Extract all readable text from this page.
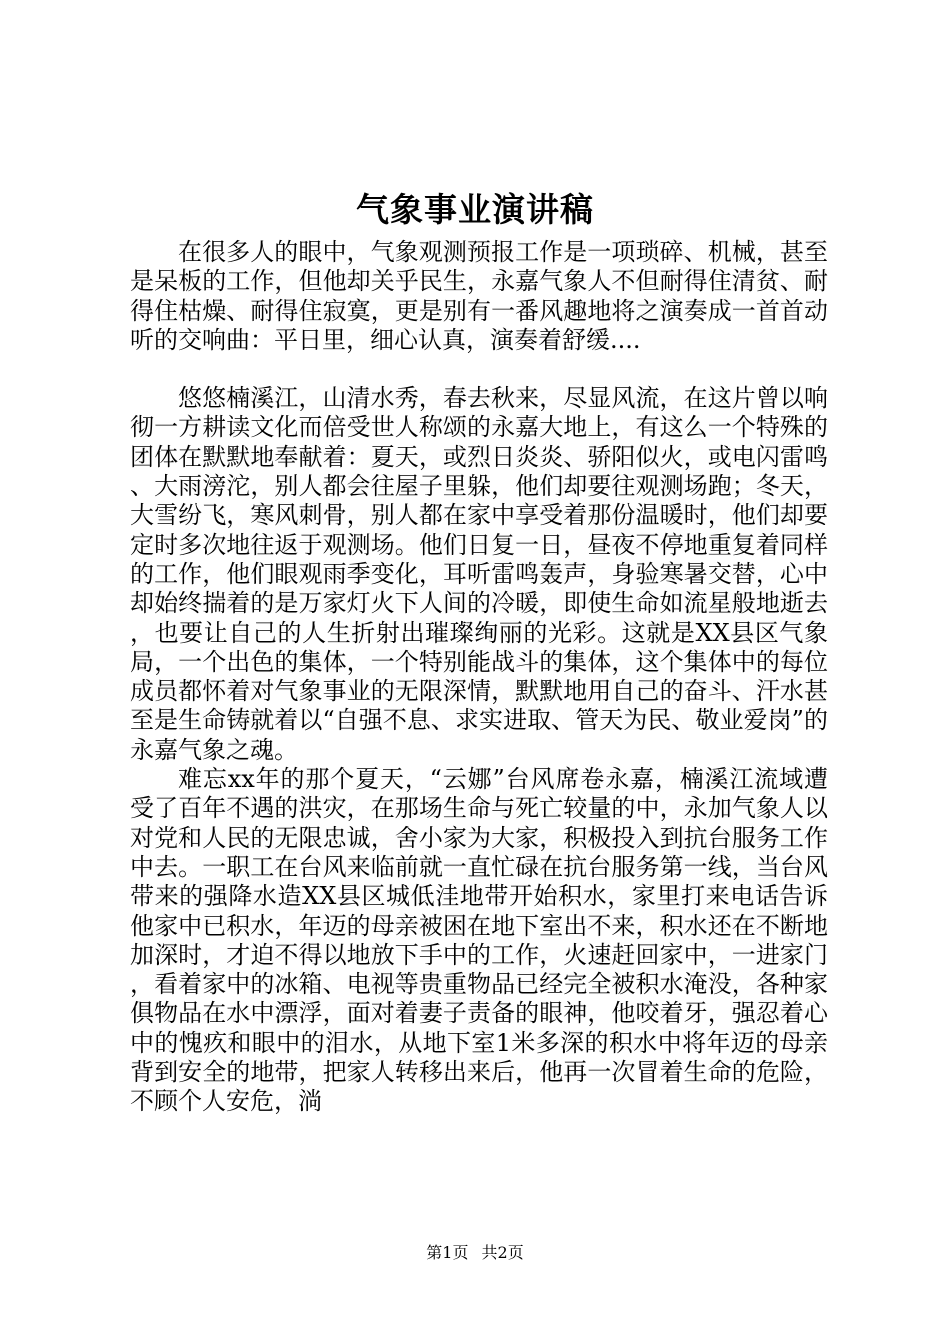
气象事业演讲稿

在很多人的眼中，气象观测预报工作是一项琐碎、机械，甚至是呆板的工作，但他却关乎民生，永嘉气象人不但耐得住清贫、耐得住枯燥、耐得住寂寞，更是别有一番风趣地将之演奏成一首首动听的交响曲：平日里，细心认真，演奏着舒缓....

悠悠楠溪江，山清水秀，春去秋来，尽显风流，在这片曾以响彻一方耕读文化而倍受世人称颂的永嘉大地上，有这么一个特殊的团体在默默地奉献着：夏天，或烈日炎炎、骄阳似火，或电闪雷鸣、大雨滂沱，别人都会往屋子里躲，他们却要往观测场跑；冬天，大雪纷飞，寒风刺骨，别人都在家中享受着那份温暖时，他们却要定时多次地往返于观测场。他们日复一日，昼夜不停地重复着同样的工作，他们眼观雨季变化，耳听雷鸣轰声，身验寒暑交替，心中却始终揣着的是万家灯火下人间的冷暖，即使生命如流星般地逝去，也要让自己的人生折射出璀璨绚丽的光彩。这就是XX县区气象局，一个出色的集体，一个特别能战斗的集体，这个集体中的每位成员都怀着对气象事业的无限深情，默默地用自己的奋斗、汗水甚至是生命铸就着以“自强不息、求实进取、管天为民、敬业爱岗”的永嘉气象之魂。

难忘xx年的那个夏天，“云娜”台风席卷永嘉，楠溪江流域遭受了百年不遇的洪灾，在那场生命与死亡较量的中，永加气象人以对党和人民的无限忠诚，舍小家为大家，积极投入到抗台服务工作中去。一职工在台风来临前就一直忙碌在抗台服务第一线，当台风带来的强降水造XX县区城低洼地带开始积水，家里打来电话告诉他家中已积水，年迈的母亲被困在地下室出不来，积水还在不断地加深时，才迫不得以地放下手中的工作，火速赶回家中，一进家门，看着家中的冰箱、电视等贵重物品已经完全被积水淹没，各种家俱物品在水中漂浮，面对着妻子责备的眼神，他咬着牙，强忍着心中的愧疚和眼中的泪水，从地下室1米多深的积水中将年迈的母亲背到安全的地带，把家人转移出来后，他再一次冒着生命的危险，不顾个人安危，淌

第1页 共2页
